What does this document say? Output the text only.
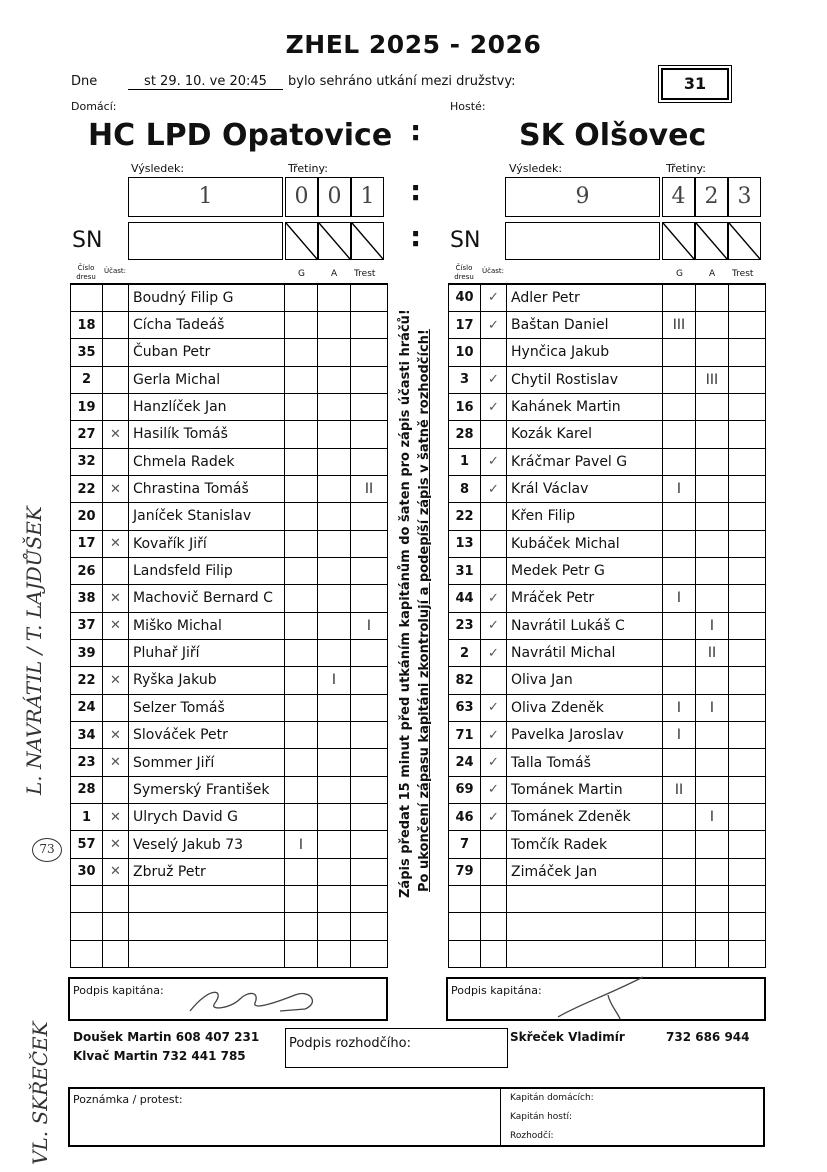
ZHEL 2025 - 2026
Dne	st 29. 10. ve 20:45	bylo sehráno utkání mezi družstvy:	31
Domácí:	Hosté:
HC LPD Opatovice :	SK Olšovec
Výsledek:	Třetiny:
1	0 0 1	:
Výsledek:	Třetiny:
9	4 2 3
SN	: SN
Číslo dresu
Účast:	G	A Trest
Číslo dresu
Účast:	G	A Trest
		Boudný Filip G			
18		Cícha Tadeáš			
35		Čuban Petr			
2		Gerla Michal			
19		Hanzlíček Jan			
27	✕	Hasilík Tomáš			
32		Chmela Radek			
22	✕	Chrastina Tomáš			II
20		Janíček Stanislav			
17	✕	Kovařík Jiří			
26		Landsfeld Filip			
38	✕	Machovič Bernard C			
37	✕	Miško Michal			I
39		Pluhař Jiří			
22	✕	Ryška Jakub		I	
24		Selzer Tomáš			
34	✕	Slováček Petr			
23	✕	Sommer Jiří			
28		Symerský František			
1	✕	Ulrych David G			
57	✕	Veselý Jakub 73	I		
30	✕	Zbruž Petr			

40	✓	Adler Petr			
17	✓	Baštan Daniel	III		
10		Hynčica Jakub			
3	✓	Chytil Rostislav		III	
16	✓	Kahánek Martin			
28		Kozák Karel			
1	✓	Kráčmar Pavel G			
8	✓	Král Václav	I		
22		Křen Filip			
13		Kubáček Michal			
31		Medek Petr G			
44	✓	Mráček Petr	I		
23	✓	Navrátil Lukáš C		I	
2	✓	Navrátil Michal		II	
82		Oliva Jan			
63	✓	Oliva Zdeněk	I	I	
71	✓	Pavelka Jaroslav	I		
24	✓	Talla Tomáš			
69	✓	Tománek Martin	II		
46	✓	Tománek Zdeněk		I	
7		Tomčík Radek			
79		Zimáček Jan			

Zápis předat 15 minut před utkáním kapitánům do šaten pro zápis účasti hráčů! Po ukončení zápasu kapitáni zkontrolují a podepíší zápis v šatně rozhodčích!
L. NAVRÁTIL / T. LAJDŮŠEK
73
VL. SKŘEČEK
Podpis kapitána:	Podpis kapitána:
Doušek Martin 608 407 231
Klvač Martin 732 441 785
Podpis rozhodčího:	Skřeček Vladimír	732 686 944
Poznámka / protest:	Kapitán domácích:
Kapitán hostí:
Rozhodčí:
